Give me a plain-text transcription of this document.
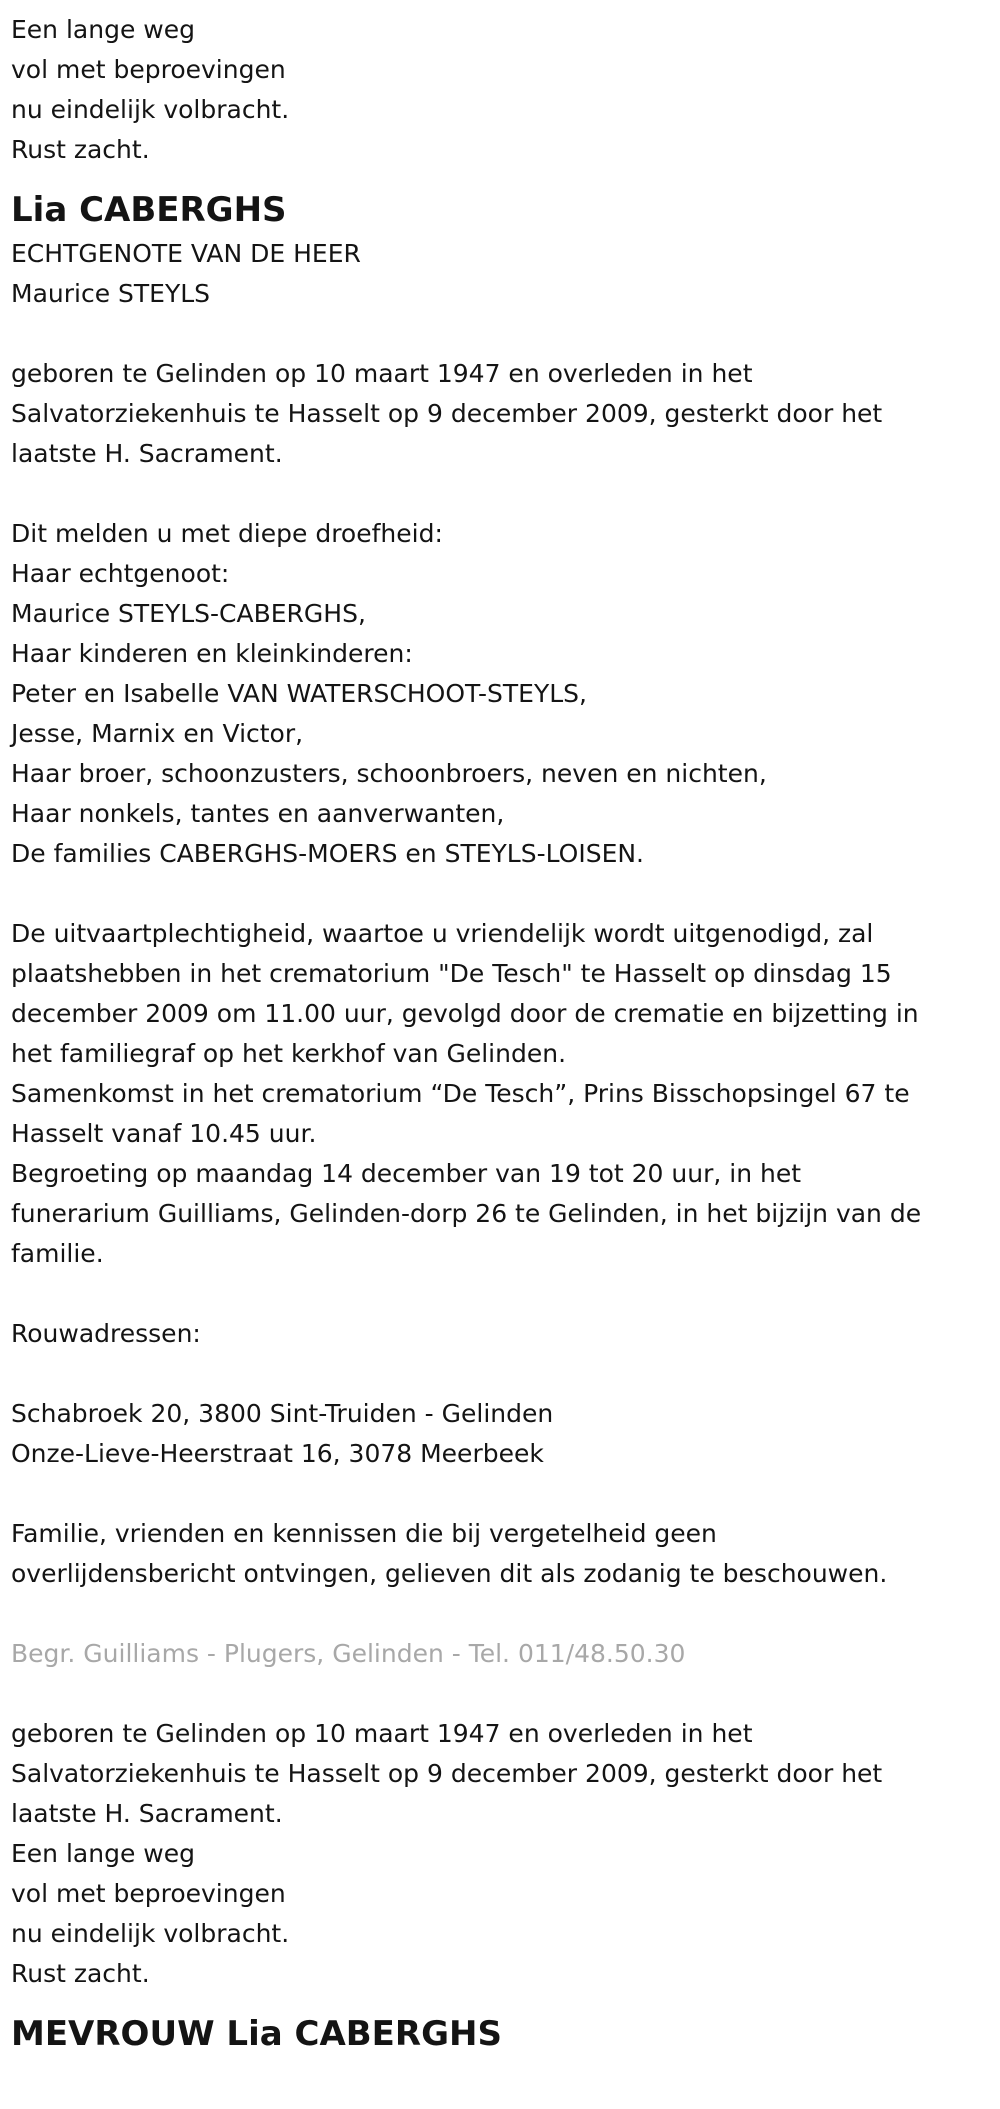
Een lange weg

vol met beproevingen

nu eindelijk volbracht.

Rust zacht.

Lia CABERGHS

ECHTGENOTE VAN DE HEER

Maurice STEYLS

geboren te Gelinden op 10 maart 1947 en overleden in het

Salvatorziekenhuis te Hasselt op 9 december 2009, gesterkt door het

laatste H. Sacrament.

Dit melden u met diepe droefheid:

Haar echtgenoot:

Maurice STEYLS-CABERGHS,

Haar kinderen en kleinkinderen:

Peter en Isabelle VAN WATERSCHOOT-STEYLS,

Jesse, Marnix en Victor,

Haar broer, schoonzusters, schoonbroers, neven en nichten,

Haar nonkels, tantes en aanverwanten,

De families CABERGHS-MOERS en STEYLS-LOISEN.

De uitvaartplechtigheid, waartoe u vriendelijk wordt uitgenodigd, zal

plaatshebben in het crematorium "De Tesch" te Hasselt op dinsdag 15

december 2009 om 11.00 uur, gevolgd door de crematie en bijzetting in

het familiegraf op het kerkhof van Gelinden.

Samenkomst in het crematorium “De Tesch”, Prins Bisschopsingel 67 te

Hasselt vanaf 10.45 uur.

Begroeting op maandag 14 december van 19 tot 20 uur, in het

funerarium Guilliams, Gelinden-dorp 26 te Gelinden, in het bijzijn van de

familie.

Rouwadressen:

Schabroek 20, 3800 Sint-Truiden - Gelinden

Onze-Lieve-Heerstraat 16, 3078 Meerbeek

Familie, vrienden en kennissen die bij vergetelheid geen

overlijdensbericht ontvingen, gelieven dit als zodanig te beschouwen.

Begr. Guilliams - Plugers, Gelinden - Tel. 011/48.50.30

geboren te Gelinden op 10 maart 1947 en overleden in het

Salvatorziekenhuis te Hasselt op 9 december 2009, gesterkt door het

laatste H. Sacrament.

Een lange weg

vol met beproevingen

nu eindelijk volbracht.

Rust zacht.

MEVROUW Lia CABERGHS
